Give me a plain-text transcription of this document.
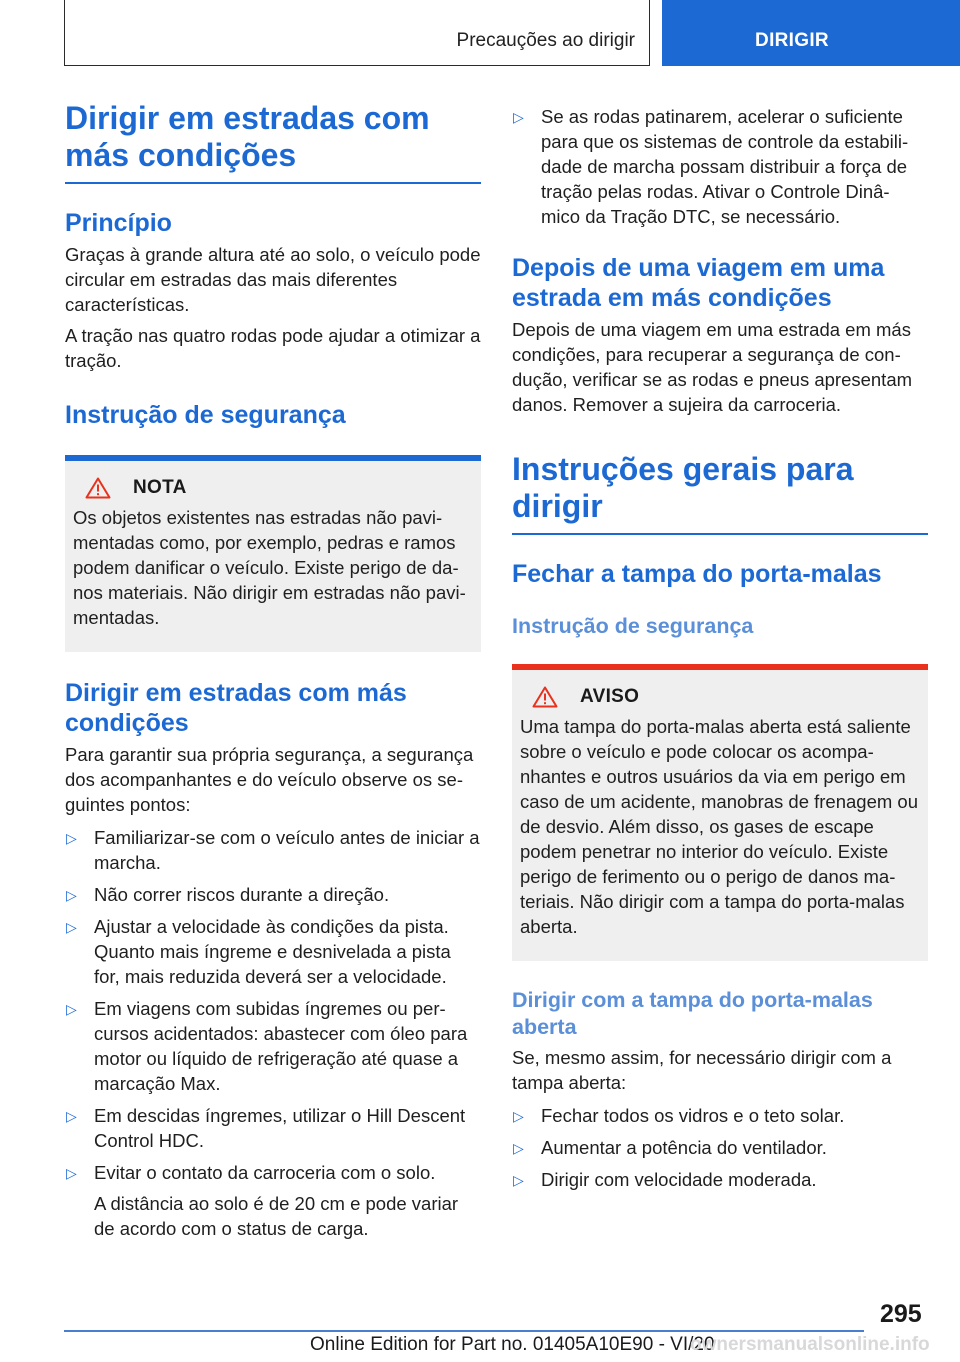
Precauções ao dirigir	DIRIGIR
Dirigir em estradas com
más condições
Princípio

Graças à grande altura até ao solo, o veículo pode circular em estradas das mais diferentes características.

A tração nas quatro rodas pode ajudar a otimizar a tração.

Instrução de segurança
NOTA

Os objetos existentes nas estradas não pavi-mentadas como, por exemplo, pedras e ramos podem danificar o veículo. Existe perigo de da-nos materiais. Não dirigir em estradas não pavi-mentadas.

Dirigir em estradas com más
condições

Para garantir sua própria segurança, a segurança dos acompanhantes e do veículo observe os se-guintes pontos:

▷ Familiarizar-se com o veículo antes de iniciar a marcha.
▷ Não correr riscos durante a direção.
▷ Ajustar a velocidade às condições da pista. Quanto mais íngreme e desnivelada a pista for, mais reduzida deverá ser a velocidade.
▷ Em viagens com subidas íngremes ou per-cursos acidentados: abastecer com óleo para motor ou líquido de refrigeração até quase a marcação Max.
▷ Em descidas íngremes, utilizar o Hill Descent Control HDC.
▷ Evitar o contato da carroceria com o solo.
A distância ao solo é de 20 cm e pode variar de acordo com o status de carga.
▷ Se as rodas patinarem, acelerar o suficiente para que os sistemas de controle da estabili-dade de marcha possam distribuir a força de tração pelas rodas. Ativar o Controle Dinâ-mico da Tração DTC, se necessário.
Depois de uma viagem em uma
estrada em más condições

Depois de uma viagem em uma estrada em más condições, para recuperar a segurança de con-dução, verificar se as rodas e pneus apresentam danos. Remover a sujeira da carroceria.

Instruções gerais para
dirigir
Fechar a tampa do porta-malas
Instrução de segurança
AVISO

Uma tampa do porta-malas aberta está saliente sobre o veículo e pode colocar os acompa-nhantes e outros usuários da via em perigo em caso de um acidente, manobras de frenagem ou de desvio. Além disso, os gases de escape podem penetrar no interior do veículo. Existe perigo de ferimento ou o perigo de danos ma-teriais. Não dirigir com a tampa do porta-malas aberta.

Dirigir com a tampa do porta-malas
aberta

Se, mesmo assim, for necessário dirigir com a tampa aberta:

▷ Fechar todos os vidros e o teto solar.
▷ Aumentar a potência do ventilador.
▷ Dirigir com velocidade moderada.
295
Online Edition for Part no. 01405A10E90 - VI/20
ownersmanualsonline.info
